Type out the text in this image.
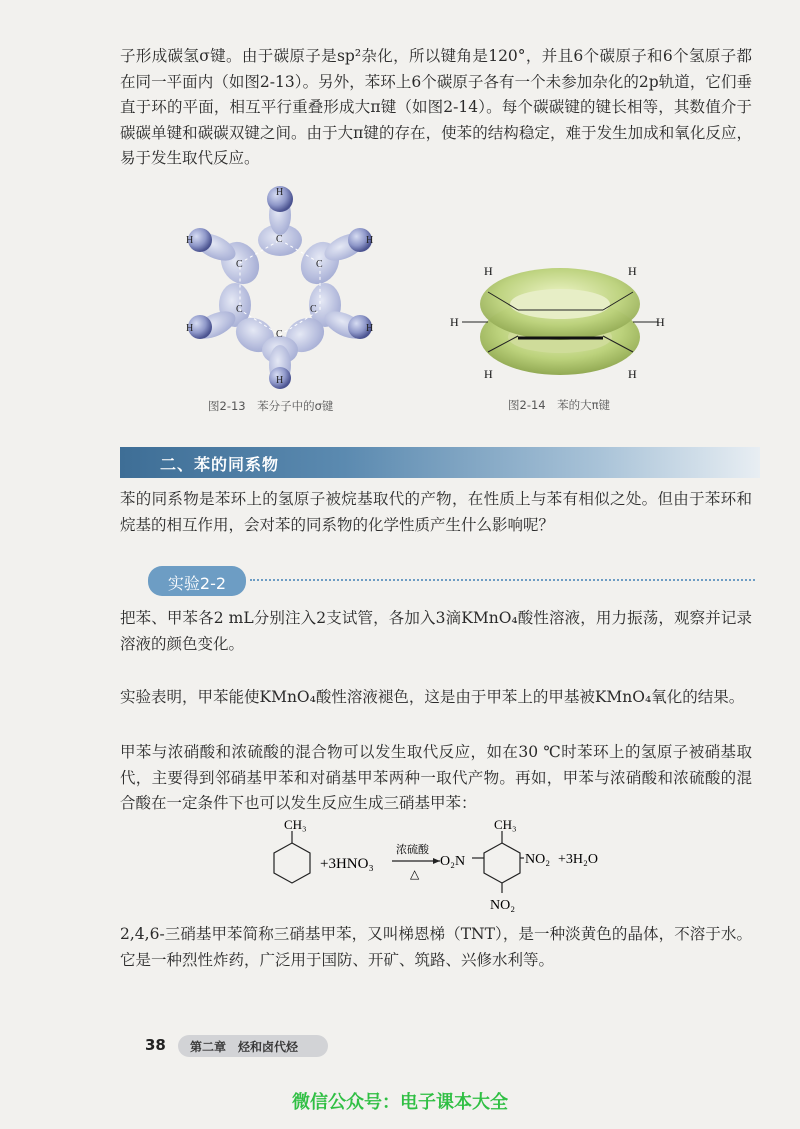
子形成碳氢σ键。由于碳原子是sp²杂化，所以键角是120°，并且6个碳原子和6个氢原子都在同一平面内（如图2-13）。另外，苯环上6个碳原子各有一个未参加杂化的2p轨道，它们垂直于环的平面，相互平行重叠形成大π键（如图2-14）。每个碳碳键的键长相等，其数值介于碳碳单键和碳碳双键之间。由于大π键的存在，使苯的结构稳定，难于发生加成和氧化反应，易于发生取代反应。
H
C
C	C
C	C
C
H
H	H
H	H
图2-13　苯分子中的σ键
H	H
H	H
H	H
图2-14　苯的大π键
二、苯的同系物
苯的同系物是苯环上的氢原子被烷基取代的产物，在性质上与苯有相似之处。但由于苯环和烷基的相互作用，会对苯的同系物的化学性质产生什么影响呢？
实验2-2
把苯、甲苯各2 mL分别注入2支试管，各加入3滴KMnO₄酸性溶液，用力振荡，观察并记录溶液的颜色变化。
实验表明，甲苯能使KMnO₄酸性溶液褪色，这是由于甲苯上的甲基被KMnO₄氧化的结果。
甲苯与浓硝酸和浓硫酸的混合物可以发生取代反应，如在30 ℃时苯环上的氢原子被硝基取代，主要得到邻硝基甲苯和对硝基甲苯两种一取代产物。再如，甲苯与浓硝酸和浓硫酸的混合酸在一定条件下也可以发生反应生成三硝基甲苯：
CH₃
+3HNO₃
浓硫酸
△
O₂N
CH₃
NO₂
NO₂
+3H₂O
2,4,6-三硝基甲苯简称三硝基甲苯，又叫梯恩梯（TNT），是一种淡黄色的晶体，不溶于水。它是一种烈性炸药，广泛用于国防、开矿、筑路、兴修水利等。
38 第二章　烃和卤代烃
微信公众号：电子课本大全
